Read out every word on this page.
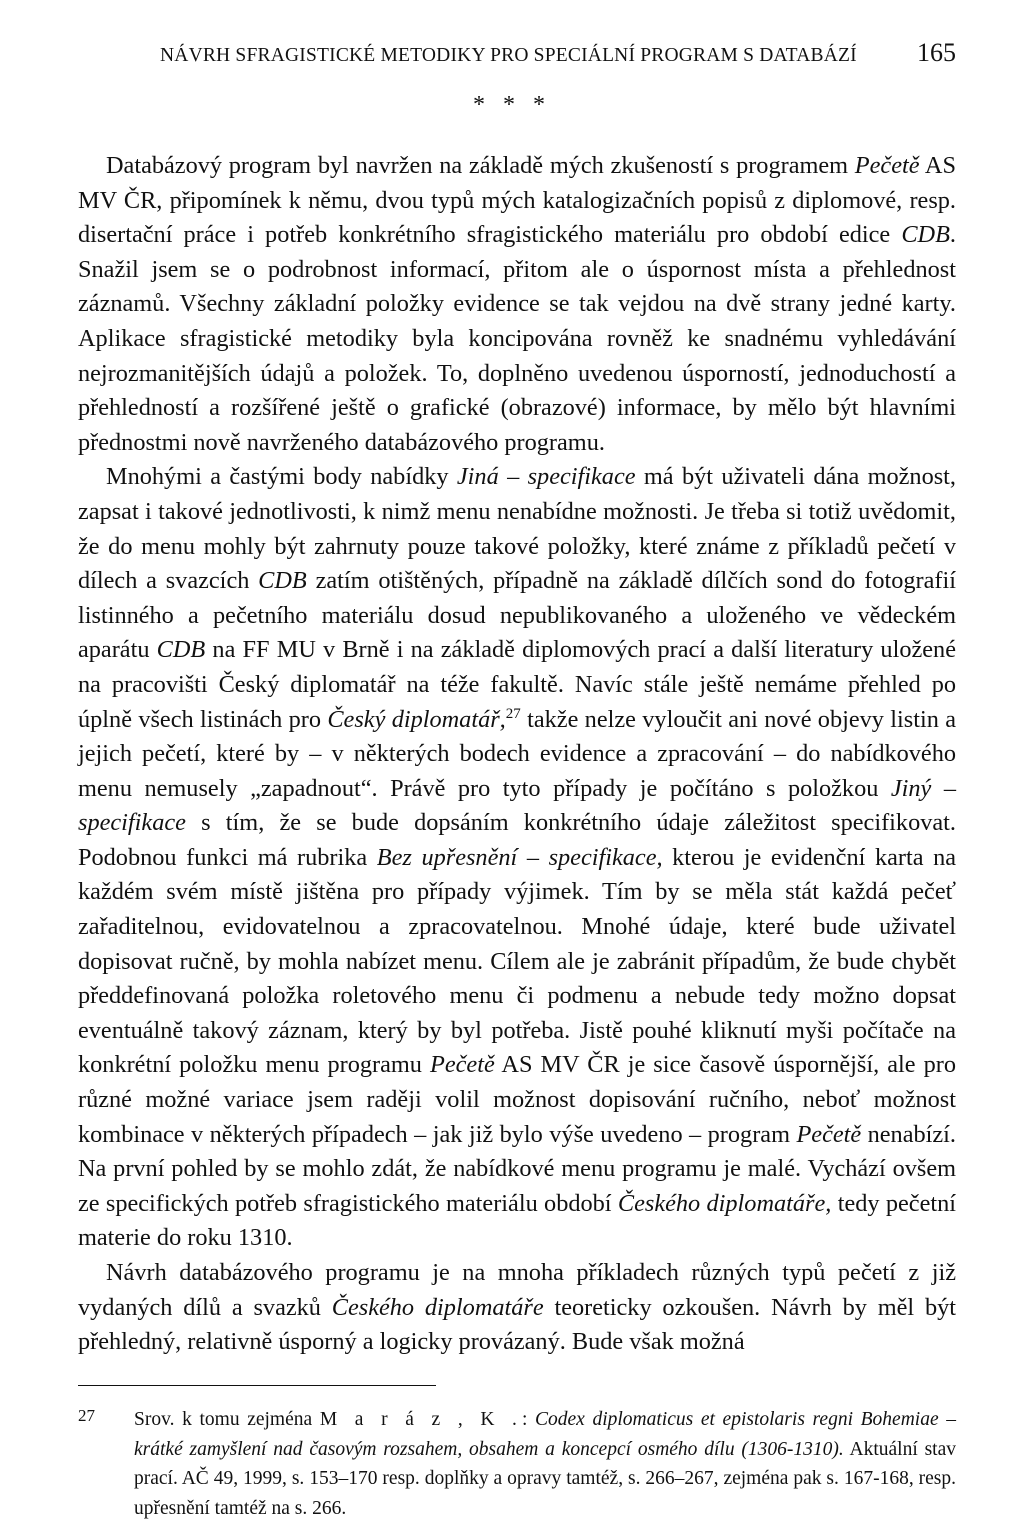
NÁVRH SFRAGISTICKÉ METODIKY PRO SPECIÁLNÍ PROGRAM S DATABÁZÍ 165
* * *

Databázový program byl navržen na základě mých zkušeností s programem Pečetě AS MV ČR, připomínek k němu, dvou typů mých katalogizačních popisů z diplomové, resp. disertační práce i potřeb konkrétního sfragistického materiálu pro období edice CDB. Snažil jsem se o podrobnost informací, přitom ale o úspornost místa a přehlednost záznamů. Všechny základní položky evidence se tak vejdou na dvě strany jedné karty. Aplikace sfragistické metodiky byla koncipována rovněž ke snadnému vyhledávání nejrozmanitějších údajů a položek. To, doplněno uvedenou úsporností, jednoduchostí a přehledností a rozšířené ještě o grafické (obrazové) informace, by mělo být hlavními přednostmi nově navrženého databázového programu.

Mnohými a častými body nabídky Jiná – specifikace má být uživateli dána možnost, zapsat i takové jednotlivosti, k nimž menu nenabídne možnosti. Je třeba si totiž uvědomit, že do menu mohly být zahrnuty pouze takové položky, které známe z příkladů pečetí v dílech a svazcích CDB zatím otištěných, případně na základě dílčích sond do fotografií listinného a pečetního materiálu dosud nepublikovaného a uloženého ve vědeckém aparátu CDB na FF MU v Brně i na základě diplomových prací a další literatury uložené na pracovišti Český diplomatář na téže fakultě. Navíc stále ještě nemáme přehled po úplně všech listinách pro Český diplomatář,$^{27}$ takže nelze vyloučit ani nové objevy listin a jejich pečetí, které by – v některých bodech evidence a zpracování – do nabídkového menu nemusely „zapadnout“. Právě pro tyto případy je počítáno s položkou Jiný – specifikace s tím, že se bude dopsáním konkrétního údaje záležitost specifikovat. Podobnou funkci má rubrika Bez upřesnění – specifikace, kterou je evidenční karta na každém svém místě jištěna pro případy výjimek. Tím by se měla stát každá pečeť zařaditelnou, evidovatelnou a zpracovatelnou. Mnohé údaje, které bude uživatel dopisovat ručně, by mohla nabízet menu. Cílem ale je zabránit případům, že bude chybět předdefinovaná položka roletového menu či podmenu a nebude tedy možno dopsat eventuálně takový záznam, který by byl potřeba. Jistě pouhé kliknutí myši počítače na konkrétní položku menu programu Pečetě AS MV ČR je sice časově úspornější, ale pro různé možné variace jsem raději volil možnost dopisování ručního, neboť možnost kombinace v některých případech – jak již bylo výše uvedeno – program Pečetě nenabízí. Na první pohled by se mohlo zdát, že nabídkové menu programu je malé. Vychází ovšem ze specifických potřeb sfragistického materiálu období Českého diplomatáře, tedy pečetní materie do roku 1310.

Návrh databázového programu je na mnoha příkladech různých typů pečetí z již vydaných dílů a svazků Českého diplomatáře teoreticky ozkoušen. Návrh by měl být přehledný, relativně úsporný a logicky provázaný. Bude však možná

27 Srov. k tomu zejména M a r á z , K .: Codex diplomaticus et epistolaris regni Bohemiae – krátké zamyšlení nad časovým rozsahem, obsahem a koncepcí osmého dílu (1306-1310). Aktuální stav prací. AČ 49, 1999, s. 153–170 resp. doplňky a opravy tamtéž, s. 266–267, zejména pak s. 167-168, resp. upřesnění tamtéž na s. 266.
